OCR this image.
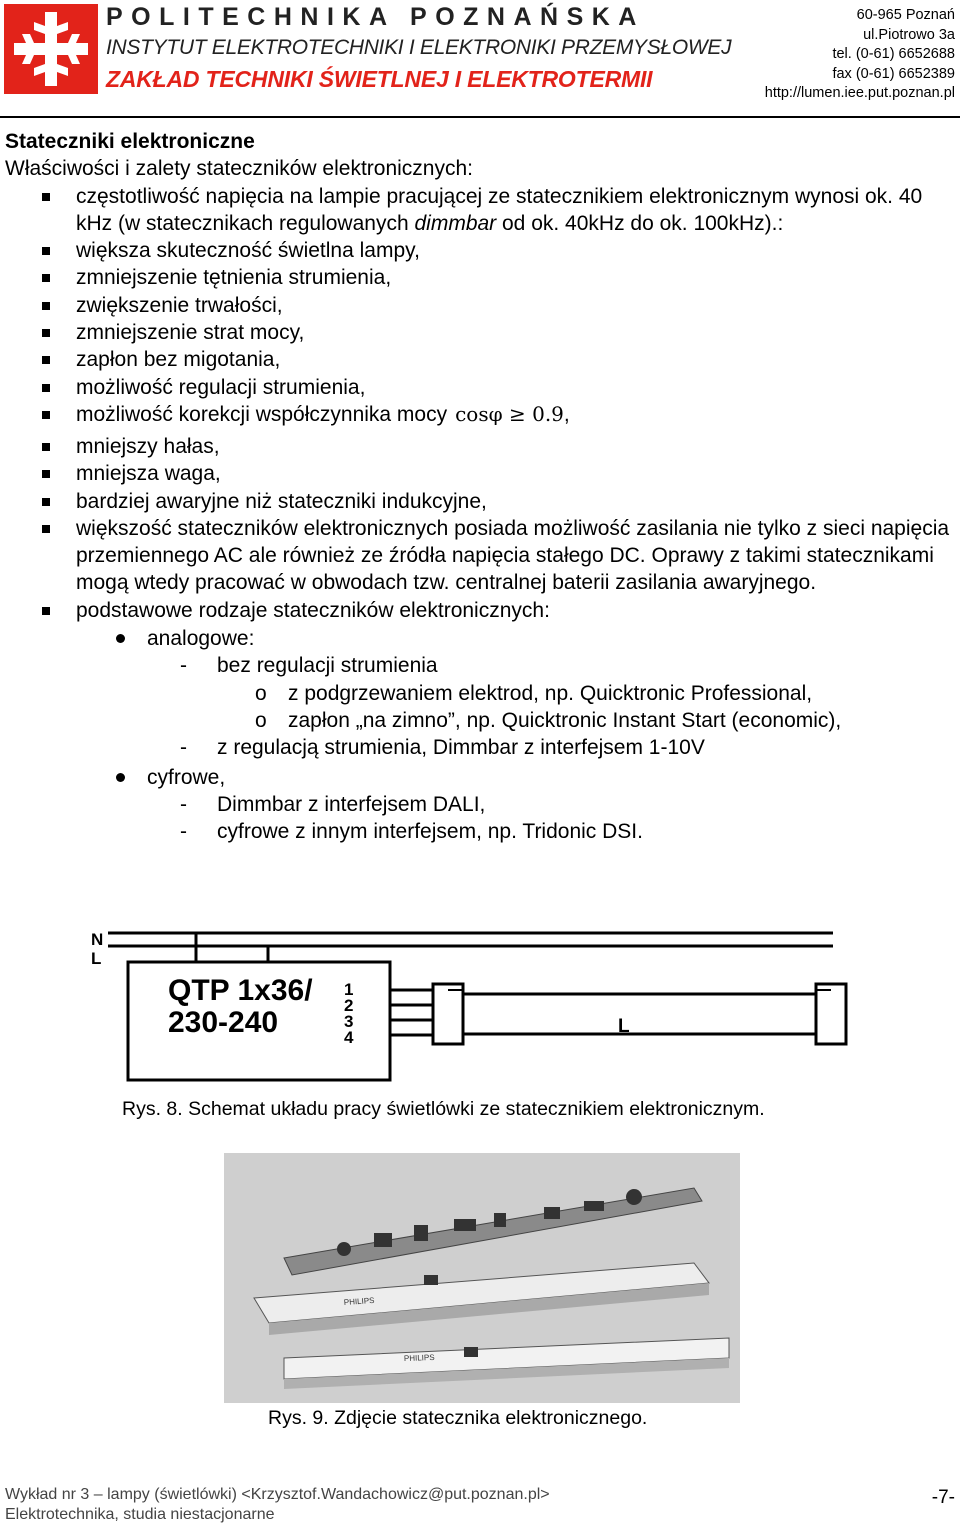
POLITECHNIKA POZNAŃSKA
INSTYTUT ELEKTROTECHNIKI I ELEKTRONIKI PRZEMYSŁOWEJ
ZAKŁAD TECHNIKI ŚWIETLNEJ I ELEKTROTERMII
60-965 Poznań
ul.Piotrowo 3a
tel. (0-61) 6652688
fax (0-61) 6652389
http://lumen.iee.put.poznan.pl
Stateczniki elektroniczne
Właściwości i zalety stateczników elektronicznych:
częstotliwość napięcia na lampie pracującej ze statecznikiem elektronicznym wynosi ok. 40 kHz (w statecznikach regulowanych dimmbar od ok. 40kHz do ok. 100kHz).:
większa skuteczność świetlna lampy,
zmniejszenie tętnienia strumienia,
zwiększenie trwałości,
zmniejszenie strat mocy,
zapłon bez migotania,
możliwość regulacji strumienia,
możliwość korekcji współczynnika mocy cosφ ≥ 0.9,
mniejszy hałas,
mniejsza waga,
bardziej awaryjne niż stateczniki indukcyjne,
większość stateczników elektronicznych posiada możliwość zasilania nie tylko z sieci napięcia przemiennego AC ale również ze źródła napięcia stałego DC. Oprawy z takimi statecznikami mogą wtedy pracować w obwodach tzw. centralnej baterii zasilania awaryjnego.
podstawowe rodzaje stateczników elektronicznych:
analogowe:
- bez regulacji strumienia
o z podgrzewaniem elektrod, np. Quicktronic Professional,
o zapłon „na zimno”, np. Quicktronic Instant Start (economic),
- z regulacją strumienia, Dimmbar z interfejsem 1-10V
cyfrowe,
- Dimmbar z interfejsem DALI,
- cyfrowe z innym interfejsem, np. Tridonic DSI.
N
L
QTP 1x36/
230-240
1
2
3
4
L
Rys. 8. Schemat układu pracy świetlówki ze statecznikiem elektronicznym.
PHILIPS
PHILIPS
Rys. 9. Zdjęcie statecznika elektronicznego.
Wykład nr 3 – lampy (świetlówki) <Krzysztof.Wandachowicz@put.poznan.pl>
Elektrotechnika, studia niestacjonarne
-7-
